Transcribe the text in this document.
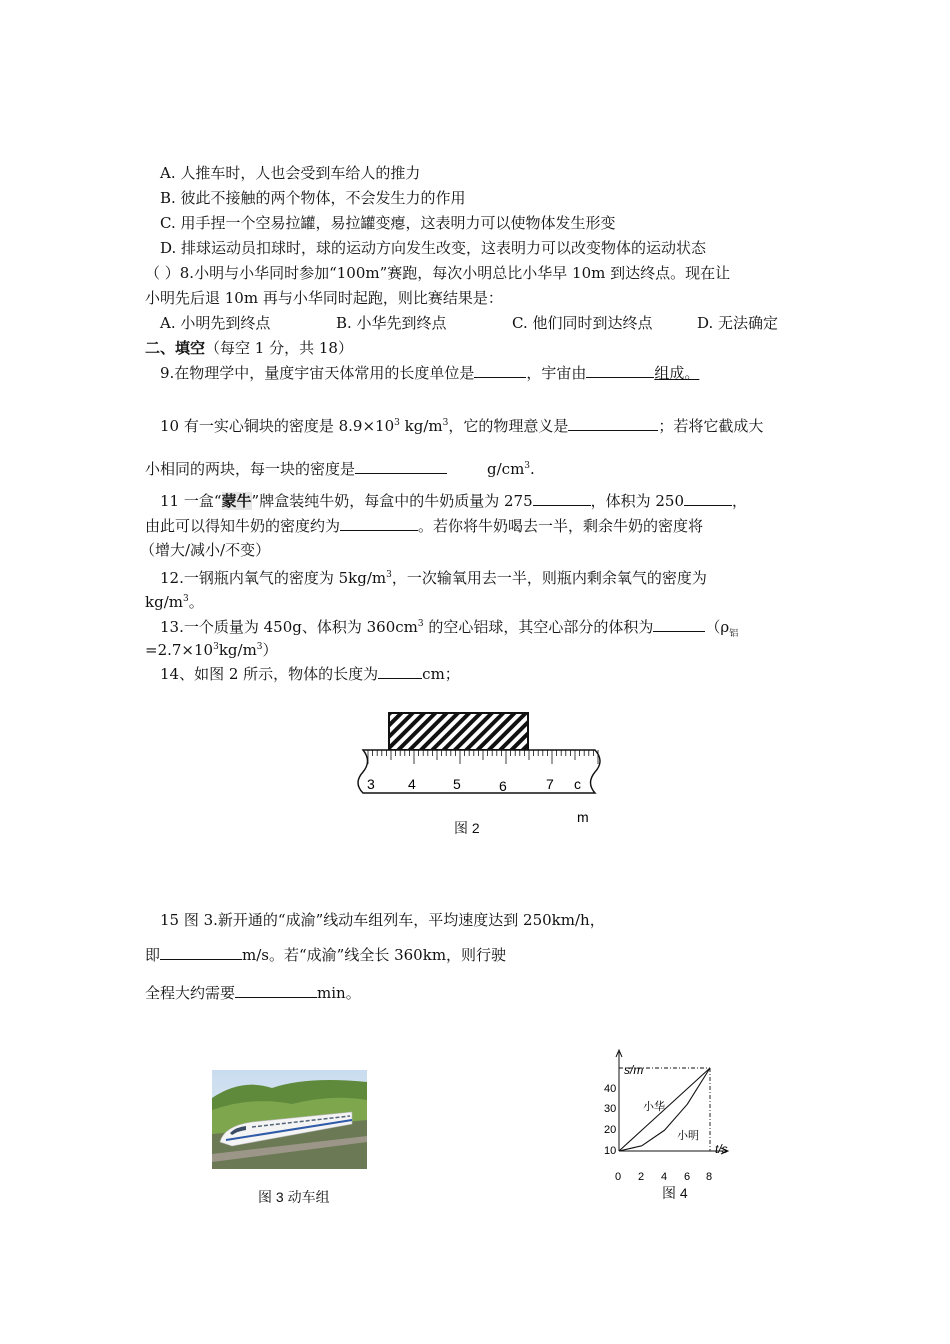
A. 人推车时，人也会受到车给人的推力
B. 彼此不接触的两个物体，不会发生力的作用
C. 用手捏一个空易拉罐，易拉罐变瘪，这表明力可以使物体发生形变
D. 排球运动员扣球时，球的运动方向发生改变，这表明力可以改变物体的运动状态
（ ）8.小明与小华同时参加“100m”赛跑，每次小明总比小华早 10m 到达终点。现在让
小明先后退 10m 再与小华同时起跑，则比赛结果是：
A. 小明先到终点	B. 小华先到终点	C. 他们同时到达终点	D. 无法确定
二、填空（每空 1 分，共 18）
9.在物理学中，量度宇宙天体常用的长度单位是	，宇宙由	组成。
10 有一实心铜块的密度是 $8.9\times 10^3$ $kg/m^3$，它的物理意义是	；若将它截成大
小相同的两块，每一块的密度是	$g/cm^3$.
11 一盒“蒙牛”牌盒装纯牛奶，每盒中的牛奶质量为 275	，体积为 250	，
由此可以得知牛奶的密度约为	。若你将牛奶喝去一半，剩余牛奶的密度将
（增大/减小/不变）
12.一钢瓶内氧气的密度为 $5kg/m^3$，一次输氧用去一半，则瓶内剩余氧气的密度为
$kg/m^3$。
13.一个质量为 450g、体积为 $360cm^3$ 的空心铝球，其空心部分的体积为	（$\rho_铝$
$=2.7\times 10^3kg/m^3$）
14、如图 2 所示，物体的长度为	cm；
3 4	5	6	7 c
m
图 2
15 图 3.新开通的“成渝”线动车组列车，平均速度达到 250km/h，
即	m/s。若“成渝”线全长 360km，则行驶
全程大约需要	min。
图 3 动车组
s/m
t/s
40
30
20
10
0 2 4 6 8
小华
小明
图 4
